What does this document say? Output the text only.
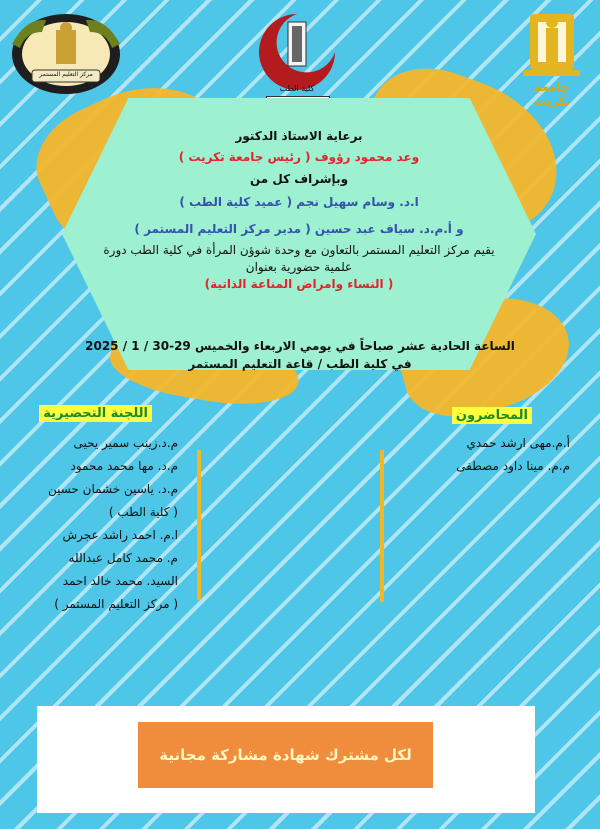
جامعة تكريت
كلية الطب
مركز التعليم المستمر
برعاية الاستاذ الدكتور
وعد محمود رؤوف ( رئيس جامعة تكريت )
وبإشراف كل من
ا.د. وسام سهيل نجم ( عميد كلية الطب )
و أ.م.د. سياف عبد حسين ( مدير مركز التعليم المستمر )
يقيم مركز التعليم المستمر بالتعاون مع وحدة شوؤن المرأة في كلية الطب دورة
علمية حضورية بعنوان
( النساء وامراض المناعة الذاتية)
الساعة الحادية عشر صباحاً في يومي الاربعاء والخميس 29-30 / 1 / 2025
في كلية الطب / قاعة التعليم المستمر
المحاضرون
أ.م.مهى ارشد حمدي
م.م. مينا داود مصطفى
اللجنة التحضيرية
م.د.زينب سمير يحيى
م.د. مها محمد محمود
م.د. ياسين خشمان حسين
( كلية الطب )
ا.م. احمد راشد عجرش
م. محمد كامل عبدالله
السيد. محمد خالد احمد
( مركز التعليم المستمر )
لكل مشترك شهادة مشاركة مجانية
